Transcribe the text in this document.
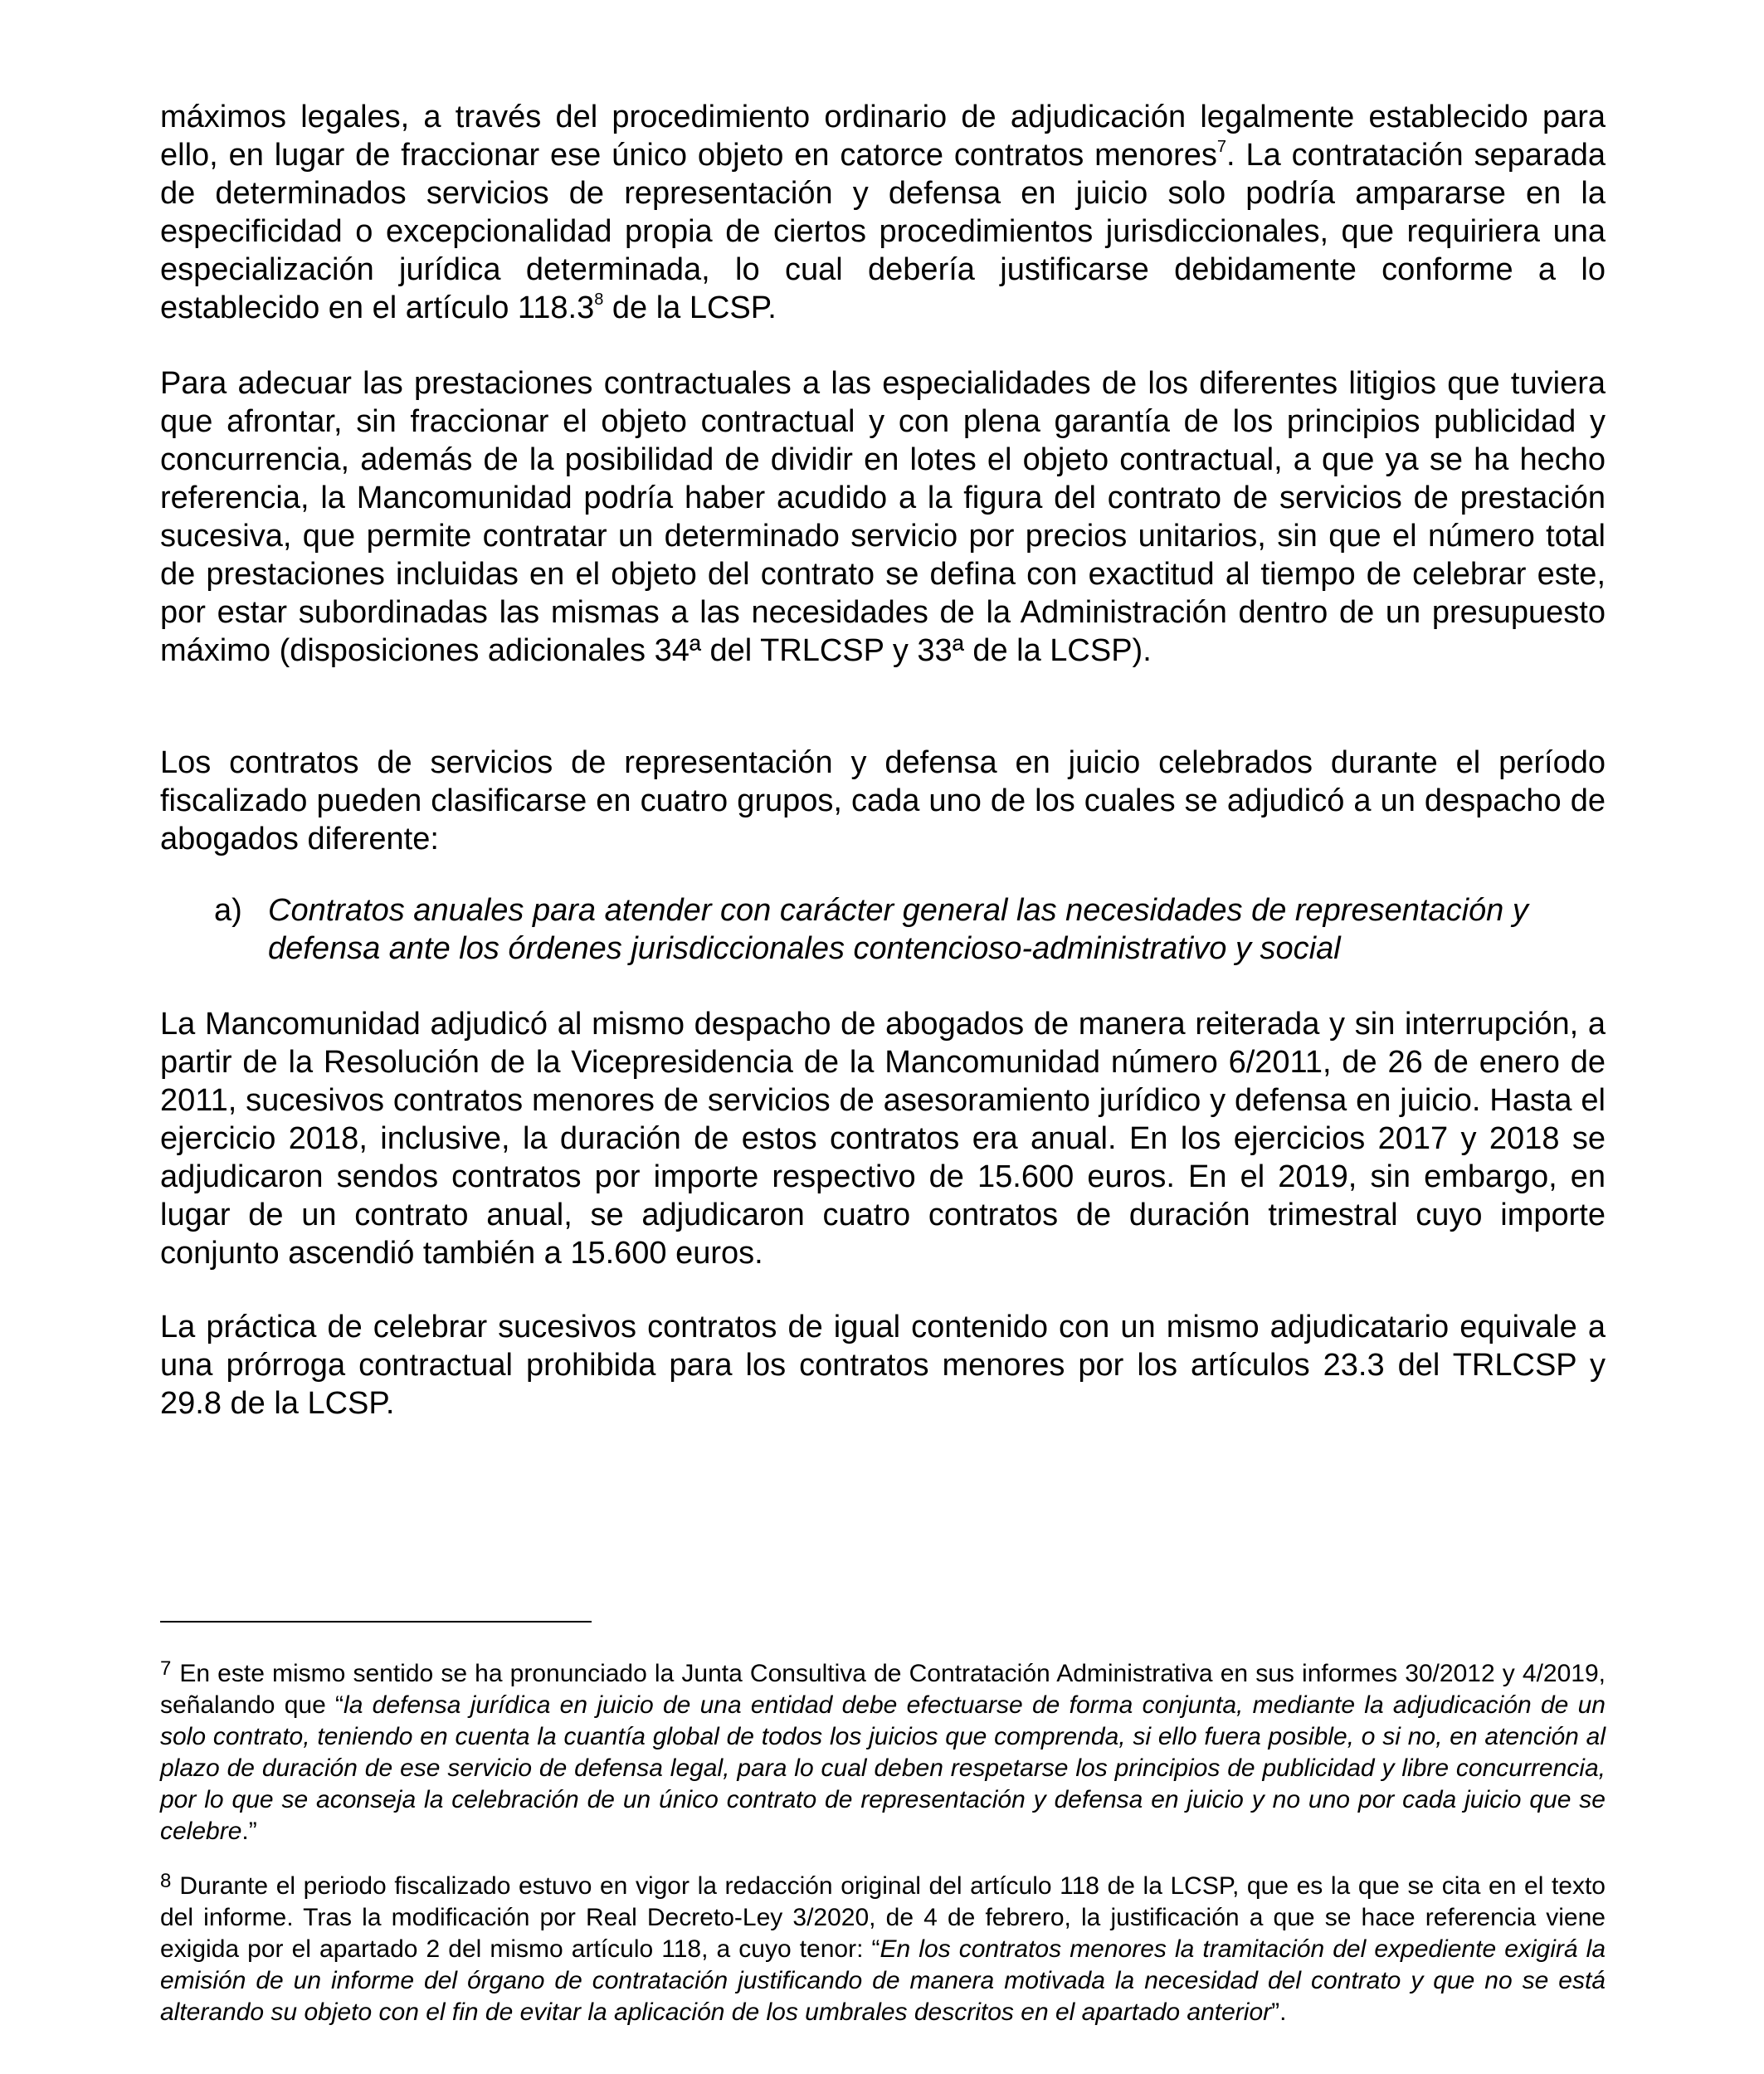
máximos legales, a través del procedimiento ordinario de adjudicación legalmente establecido para ello, en lugar de fraccionar ese único objeto en catorce contratos menores$^7$. La contratación separada de determinados servicios de representación y defensa en juicio solo podría ampararse en la especificidad o excepcionalidad propia de ciertos procedimientos jurisdiccionales, que requiriera una especialización jurídica determinada, lo cual debería justificarse debidamente conforme a lo establecido en el artículo 118.3$^8$ de la LCSP.

Para adecuar las prestaciones contractuales a las especialidades de los diferentes litigios que tuviera que afrontar, sin fraccionar el objeto contractual y con plena garantía de los principios publicidad y concurrencia, además de la posibilidad de dividir en lotes el objeto contractual, a que ya se ha hecho referencia, la Mancomunidad podría haber acudido a la figura del contrato de servicios de prestación sucesiva, que permite contratar un determinado servicio por precios unitarios, sin que el número total de prestaciones incluidas en el objeto del contrato se defina con exactitud al tiempo de celebrar este, por estar subordinadas las mismas a las necesidades de la Administración dentro de un presupuesto máximo (disposiciones adicionales 34ª del TRLCSP y 33ª de la LCSP).

Los contratos de servicios de representación y defensa en juicio celebrados durante el período fiscalizado pueden clasificarse en cuatro grupos, cada uno de los cuales se adjudicó a un despacho de abogados diferente:

a) Contratos anuales para atender con carácter general las necesidades de representación y defensa ante los órdenes jurisdiccionales contencioso-administrativo y social

La Mancomunidad adjudicó al mismo despacho de abogados de manera reiterada y sin interrupción, a partir de la Resolución de la Vicepresidencia de la Mancomunidad número 6/2011, de 26 de enero de 2011, sucesivos contratos menores de servicios de asesoramiento jurídico y defensa en juicio. Hasta el ejercicio 2018, inclusive, la duración de estos contratos era anual. En los ejercicios 2017 y 2018 se adjudicaron sendos contratos por importe respectivo de 15.600 euros. En el 2019, sin embargo, en lugar de un contrato anual, se adjudicaron cuatro contratos de duración trimestral cuyo importe conjunto ascendió también a 15.600 euros.

La práctica de celebrar sucesivos contratos de igual contenido con un mismo adjudicatario equivale a una prórroga contractual prohibida para los contratos menores por los artículos 23.3 del TRLCSP y 29.8 de la LCSP.

$^7$ En este mismo sentido se ha pronunciado la Junta Consultiva de Contratación Administrativa en sus informes 30/2012 y 4/2019, señalando que “la defensa jurídica en juicio de una entidad debe efectuarse de forma conjunta, mediante la adjudicación de un solo contrato, teniendo en cuenta la cuantía global de todos los juicios que comprenda, si ello fuera posible, o si no, en atención al plazo de duración de ese servicio de defensa legal, para lo cual deben respetarse los principios de publicidad y libre concurrencia, por lo que se aconseja la celebración de un único contrato de representación y defensa en juicio y no uno por cada juicio que se celebre.”

$^8$ Durante el periodo fiscalizado estuvo en vigor la redacción original del artículo 118 de la LCSP, que es la que se cita en el texto del informe. Tras la modificación por Real Decreto-Ley 3/2020, de 4 de febrero, la justificación a que se hace referencia viene exigida por el apartado 2 del mismo artículo 118, a cuyo tenor: “En los contratos menores la tramitación del expediente exigirá la emisión de un informe del órgano de contratación justificando de manera motivada la necesidad del contrato y que no se está alterando su objeto con el fin de evitar la aplicación de los umbrales descritos en el apartado anterior”.
